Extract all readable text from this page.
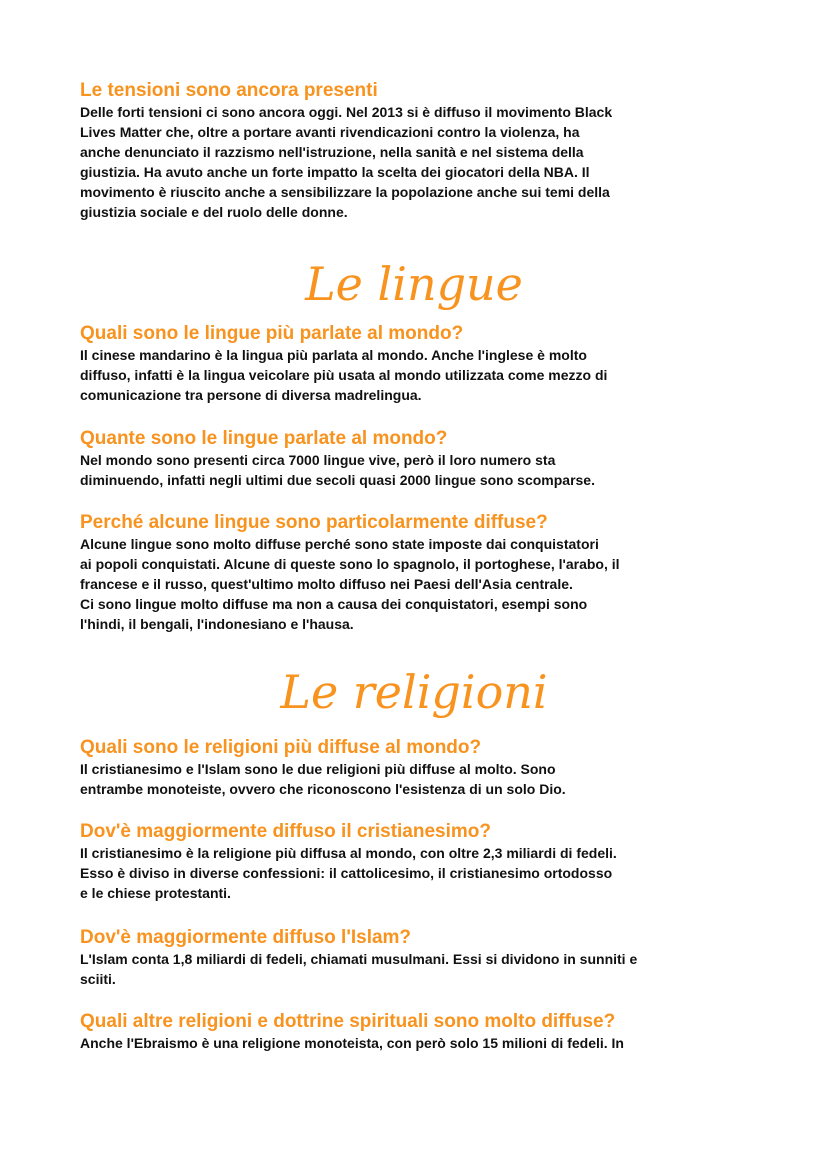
Le lingue
Le religioni
Le tensioni sono ancora presenti

Delle forti tensioni ci sono ancora oggi. Nel 2013 si è diffuso il movimento Black
Lives Matter che, oltre a portare avanti rivendicazioni contro la violenza, ha
anche denunciato il razzismo nell'istruzione, nella sanità e nel sistema della
giustizia. Ha avuto anche un forte impatto la scelta dei giocatori della NBA. Il
movimento è riuscito anche a sensibilizzare la popolazione anche sui temi della
giustizia sociale e del ruolo delle donne.

Quali sono le lingue più parlate al mondo?

Il cinese mandarino è la lingua più parlata al mondo. Anche l'inglese è molto
diffuso, infatti è la lingua veicolare più usata al mondo utilizzata come mezzo di
comunicazione tra persone di diversa madrelingua.

Quante sono le lingue parlate al mondo?

Nel mondo sono presenti circa 7000 lingue vive, però il loro numero sta
diminuendo, infatti negli ultimi due secoli quasi 2000 lingue sono scomparse.

Perché alcune lingue sono particolarmente diffuse?

Alcune lingue sono molto diffuse perché sono state imposte dai conquistatori
ai popoli conquistati. Alcune di queste sono lo spagnolo, il portoghese, l'arabo, il
francese e il russo, quest'ultimo molto diffuso nei Paesi dell'Asia centrale.
Ci sono lingue molto diffuse ma non a causa dei conquistatori, esempi sono
l'hindi, il bengali, l'indonesiano e l'hausa.

Quali sono le religioni più diffuse al mondo?

Il cristianesimo e l'Islam sono le due religioni più diffuse al molto. Sono
entrambe monoteiste, ovvero che riconoscono l'esistenza di un solo Dio.

Dov'è maggiormente diffuso il cristianesimo?

Il cristianesimo è la religione più diffusa al mondo, con oltre 2,3 miliardi di fedeli.
Esso è diviso in diverse confessioni: il cattolicesimo, il cristianesimo ortodosso
e le chiese protestanti.

Dov'è maggiormente diffuso l'Islam?

L'Islam conta 1,8 miliardi di fedeli, chiamati musulmani. Essi si dividono in sunniti e
sciiti.

Quali altre religioni e dottrine spirituali sono molto diffuse?

Anche l'Ebraismo è una religione monoteista, con però solo 15 milioni di fedeli. In
